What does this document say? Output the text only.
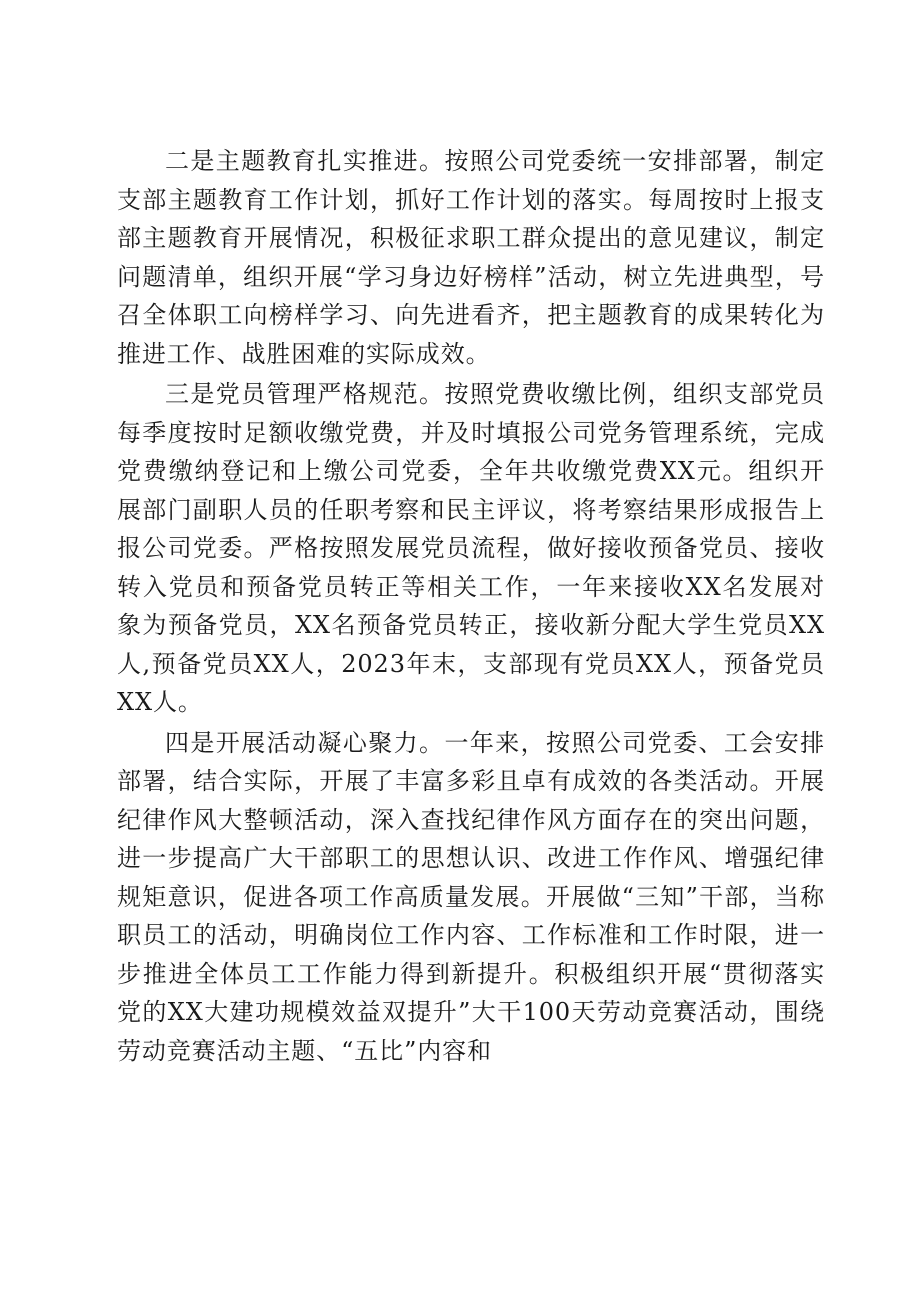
二是主题教育扎实推进。按照公司党委统一安排部署，制定支部主题教育工作计划，抓好工作计划的落实。每周按时上报支部主题教育开展情况，积极征求职工群众提出的意见建议，制定问题清单，组织开展“学习身边好榜样”活动，树立先进典型，号召全体职工向榜样学习、向先进看齐，把主题教育的成果转化为推进工作、战胜困难的实际成效。

三是党员管理严格规范。按照党费收缴比例，组织支部党员每季度按时足额收缴党费，并及时填报公司党务管理系统，完成党费缴纳登记和上缴公司党委，全年共收缴党费XX元。组织开展部门副职人员的任职考察和民主评议，将考察结果形成报告上报公司党委。严格按照发展党员流程，做好接收预备党员、接收转入党员和预备党员转正等相关工作，一年来接收XX名发展对象为预备党员，XX名预备党员转正，接收新分配大学生党员XX人,预备党员XX人，2023年末，支部现有党员XX人，预备党员XX人。

四是开展活动凝心聚力。一年来，按照公司党委、工会安排部署，结合实际，开展了丰富多彩且卓有成效的各类活动。开展纪律作风大整顿活动，深入查找纪律作风方面存在的突出问题，进一步提高广大干部职工的思想认识、改进工作作风、增强纪律规矩意识，促进各项工作高质量发展。开展做“三知”干部，当称职员工的活动，明确岗位工作内容、工作标准和工作时限，进一步推进全体员工工作能力得到新提升。积极组织开展“贯彻落实党的XX大建功规模效益双提升”大干100天劳动竞赛活动，围绕劳动竞赛活动主题、“五比”内容和
